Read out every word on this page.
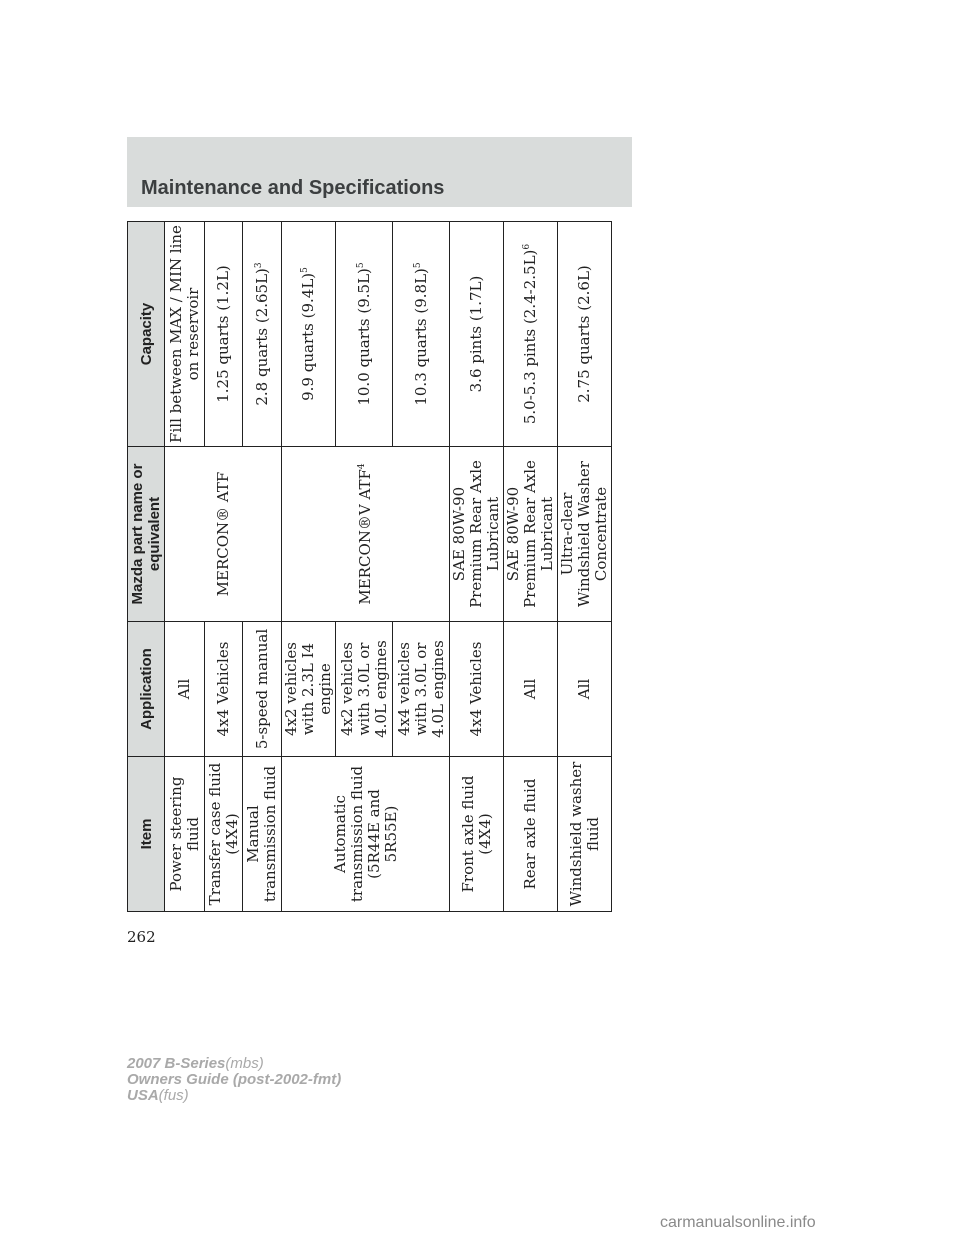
Maintenance and Specifications
Item	Application	Mazda part name or equivalent	Capacity
Power steering fluid	All	MERCON® ATF	Fill between MAX / MIN line on reservoir
Transfer case fluid (4X4)	4x4 Vehicles		1.25 quarts (1.2L)
Manual transmission fluid	5-speed manual		2.8 quarts $(2.65L)^3$
Automatic transmission fluid (5R44E and 5R55E)	4x2 vehicles with 2.3L I4 engine	MERCON®V ATF$^4$	9.9 quarts $(9.4L)^5$
	4x2 vehicles with 3.0L or 4.0L engines		10.0 quarts $(9.5L)^5$
	4x4 vehicles with 3.0L or 4.0L engines		10.3 quarts $(9.8L)^5$
Front axle fluid (4X4)	4x4 Vehicles	SAE 80W-90 Premium Rear Axle Lubricant	3.6 pints (1.7L)
Rear axle fluid	All	SAE 80W-90 Premium Rear Axle Lubricant	5.0-5.3 pints $(2.4-2.5L)^6$
Windshield washer fluid	All	Ultra-clear Windshield Washer Concentrate	2.75 quarts (2.6L)

262

2007 B-Series(mbs)
Owners Guide (post-2002-fmt)
USA(fus)
carmanualsonline.info
